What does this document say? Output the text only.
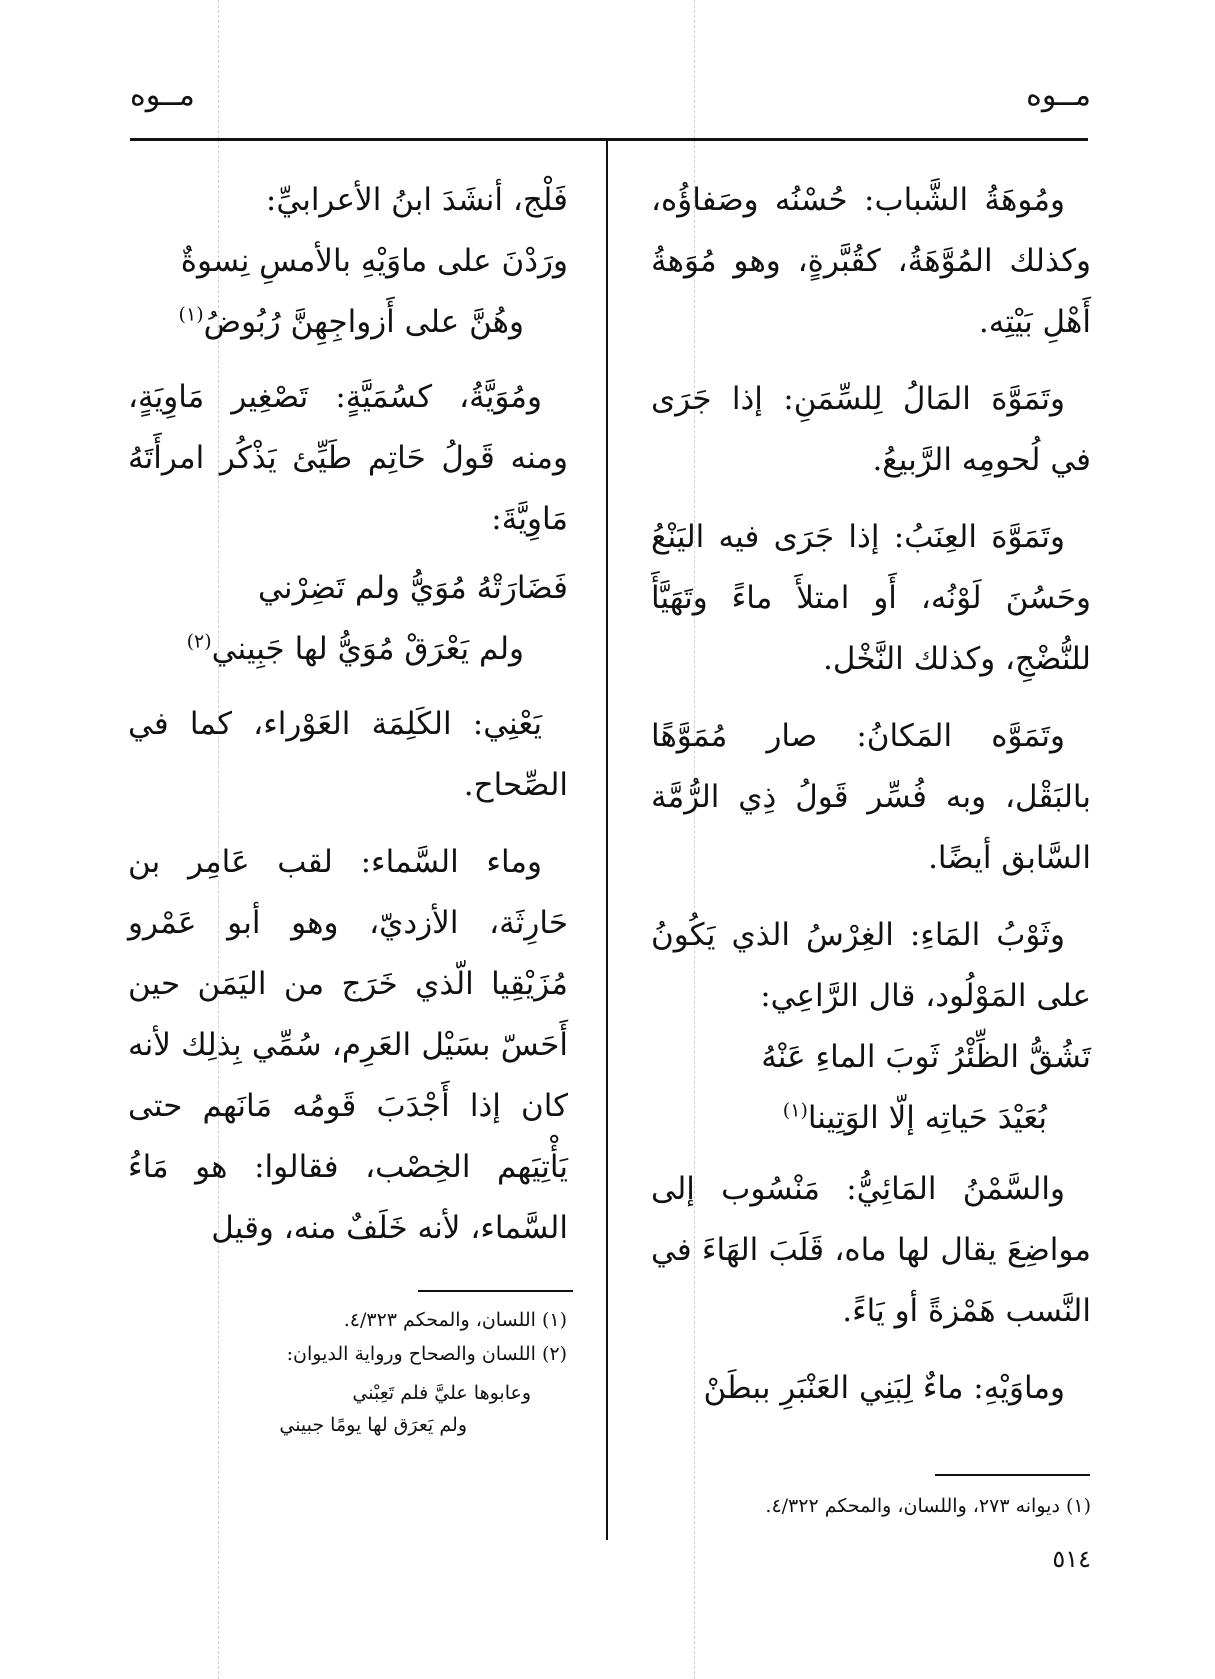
مــوه
مــوه

ومُوهَةُ الشَّباب: حُسْنُه وصَفاؤُه، وكذلك المُوَّهَةُ، كقُبَّرةٍ، وهو مُوَهةُ أَهْلِ بَيْتِه.

وتَمَوَّهَ المَالُ لِلسِّمَنِ: إذا جَرَى في لُحومِه الرَّبيعُ.

وتَمَوَّهَ العِنَبُ: إذا جَرَى فيه اليَنْعُ وحَسُنَ لَوْنُه، أَو امتلأَ ماءً وتَهَيَّأَ للنُّضْجِ، وكذلك النَّخْل.

وتَمَوَّه المَكانُ: صار مُمَوَّهًا بالبَقْل، وبه فُسِّر قَولُ ذِي الرُّمَّة السَّابق أيضًا.

وثَوْبُ المَاءِ: الغِرْسُ الذي يَكُونُ على المَوْلُود، قال الرَّاعِي:

تَشُقُّ الظِّئْرُ ثَوبَ الماءِ عَنْهُ
بُعَيْدَ حَياتِه إلّا الوَتِينا$^{(١)}$

والسَّمْنُ المَائِيُّ: مَنْسُوب إلى مواضِعَ يقال لها ماه، قَلَبَ الهَاءَ في النَّسب هَمْزةً أو يَاءً.

وماوَيْهِ: ماءٌ لِبَنِي العَنْبَرِ ببطَنْ

فَلْج، أنشَدَ ابنُ الأعرابيِّ:

ورَدْنَ على ماوَيْهِ بالأمسِ نِسوةٌ
وهُنَّ على أَزواجِهِنَّ رُبُوضُ$^{(١)}$

ومُوَيَّةُ، كسُمَيَّةٍ: تَصْغِير مَاوِيَةٍ، ومنه قَولُ حَاتِم طَيِّئ يَذْكُر امرأَتَهُ مَاوِيَّةَ:

فَضَارَتْهُ مُوَيُّ ولم تَضِرْني
ولم يَعْرَقْ مُوَيُّ لها جَبِيني$^{(٢)}$

يَعْنِي: الكَلِمَة العَوْراء، كما في الصِّحاح.

وماء السَّماء: لقب عَامِر بن حَارِثَة، الأزديّ، وهو أبو عَمْرو مُزَيْقِيا الّذي خَرَج من اليَمَن حين أَحَسّ بسَيْل العَرِم، سُمِّي بِذلِك لأنه كان إذا أَجْدَبَ قَومُه مَانَهم حتى يَأْتِيَهم الخِصْب، فقالوا: هو مَاءُ السَّماء، لأنه خَلَفٌ منه، وقيل

(١) اللسان، والمحكم ٤/٣٢٣.
(٢) اللسان والصحاح ورواية الديوان:
وعابوها عليَّ فلم تَعِبْني
ولم يَعرَق لها يومًا جبيني
(١) ديوانه ٢٧٣، واللسان، والمحكم ٤/٣٢٢.
٥١٤
